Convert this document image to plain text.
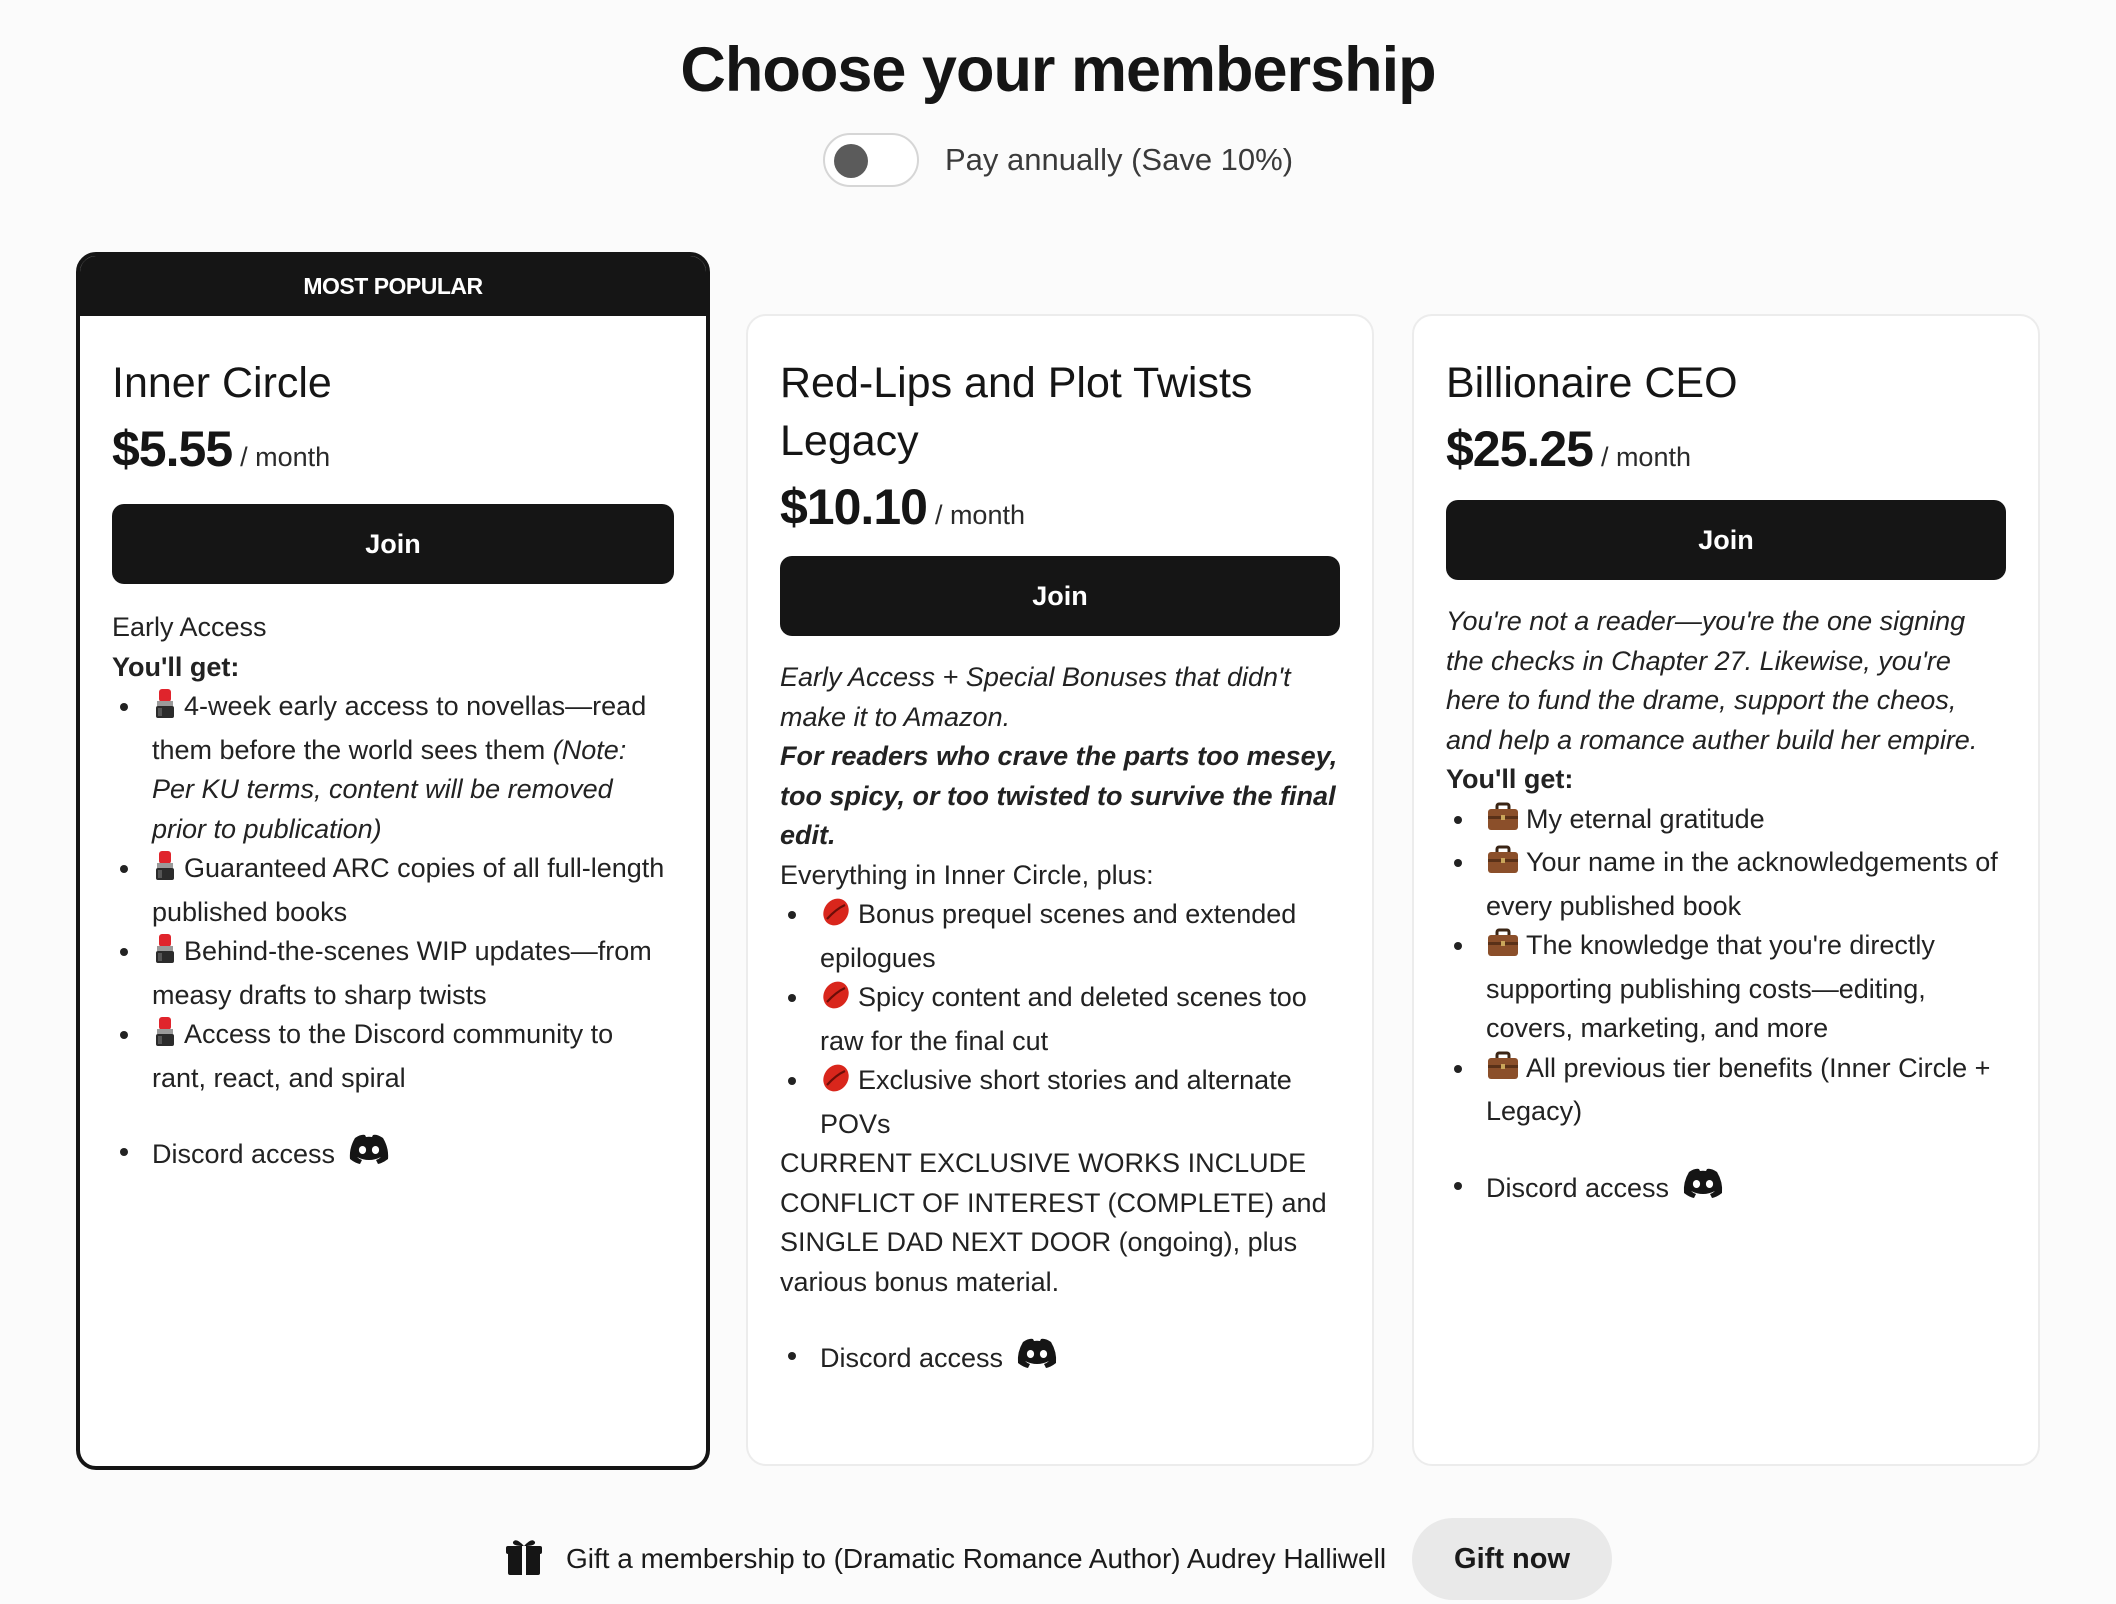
Choose your membership
Pay annually (Save 10%)
MOST POPULAR
Inner Circle
$5.55 / month
Join
Early Access
You'll get:
4-week early access to novellas—read them before the world sees them (Note: Per KU terms, content will be removed prior to publication)
Guaranteed ARC copies of all full-length published books
Behind-the-scenes WIP updates—from measy drafts to sharp twists
Access to the Discord community to rant, react, and spiral
Discord access
Red-Lips and Plot Twists Legacy
$10.10 / month
Join
Early Access + Special Bonuses that didn't make it to Amazon.
For readers who crave the parts too mesey, too spicy, or too twisted to survive the final edit.
Everything in Inner Circle, plus:
Bonus prequel scenes and extended epilogues
Spicy content and deleted scenes too raw for the final cut
Exclusive short stories and alternate POVs
CURRENT EXCLUSIVE WORKS INCLUDE CONFLICT OF INTEREST (COMPLETE) and SINGLE DAD NEXT DOOR (ongoing), plus various bonus material.
Discord access
Billionaire CEO
$25.25 / month
Join
You're not a reader—you're the one signing the checks in Chapter 27. Likewise, you're here to fund the drame, support the cheos, and help a romance auther build her empire.
You'll get:
My eternal gratitude
Your name in the acknowledgements of every published book
The knowledge that you're directly supporting publishing costs—editing, covers, marketing, and more
All previous tier benefits (Inner Circle + Legacy)
Discord access
Gift a membership to (Dramatic Romance Author) Audrey Halliwell	Gift now
